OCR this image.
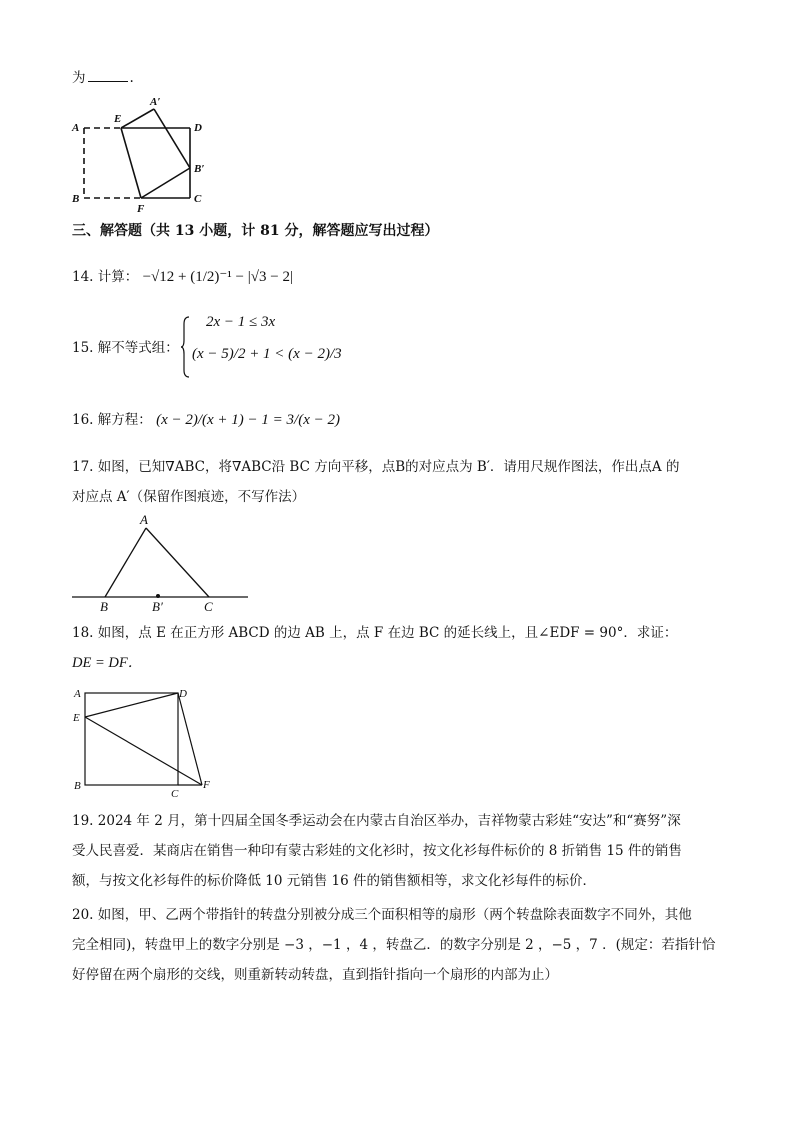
为	.
A
E
A′
D
B′
B
F
C
三、解答题（共 13 小题，计 81 分，解答题应写出过程）
14. 计算： −√12 + (1/2)⁻¹ − |√3 − 2|
15. 解不等式组：
2x − 1 ≤ 3x
(x − 5)/2 + 1 < (x − 2)/3
16. 解方程： (x − 2)/(x + 1) − 1 = 3/(x − 2)
17. 如图，已知∇ABC，将∇ABC沿 BC 方向平移，点B的对应点为 B′．请用尺规作图法，作出点A 的
对应点 A′（保留作图痕迹，不写作法）
A
B	B′	C
18. 如图，点 E 在正方形 ABCD 的边 AB 上，点 F 在边 BC 的延长线上，且∠EDF = 90°．求证：
DE = DF．
A	D
E
B
C
F
19. 2024 年 2 月，第十四届全国冬季运动会在内蒙古自治区举办，吉祥物蒙古彩娃“安达”和“赛努”深
受人民喜爱．某商店在销售一种印有蒙古彩娃的文化衫时，按文化衫每件标价的 8 折销售 15 件的销售
额，与按文化衫每件的标价降低 10 元销售 16 件的销售额相等，求文化衫每件的标价．
20. 如图，甲、乙两个带指针的转盘分别被分成三个面积相等的扇形（两个转盘除表面数字不同外，其他
完全相同)，转盘甲上的数字分别是 −3 ，−1 ，4 ，转盘乙．的数字分别是 2 ，−5 ，7 ．(规定：若指针恰
好停留在两个扇形的交线，则重新转动转盘，直到指针指向一个扇形的内部为止）
